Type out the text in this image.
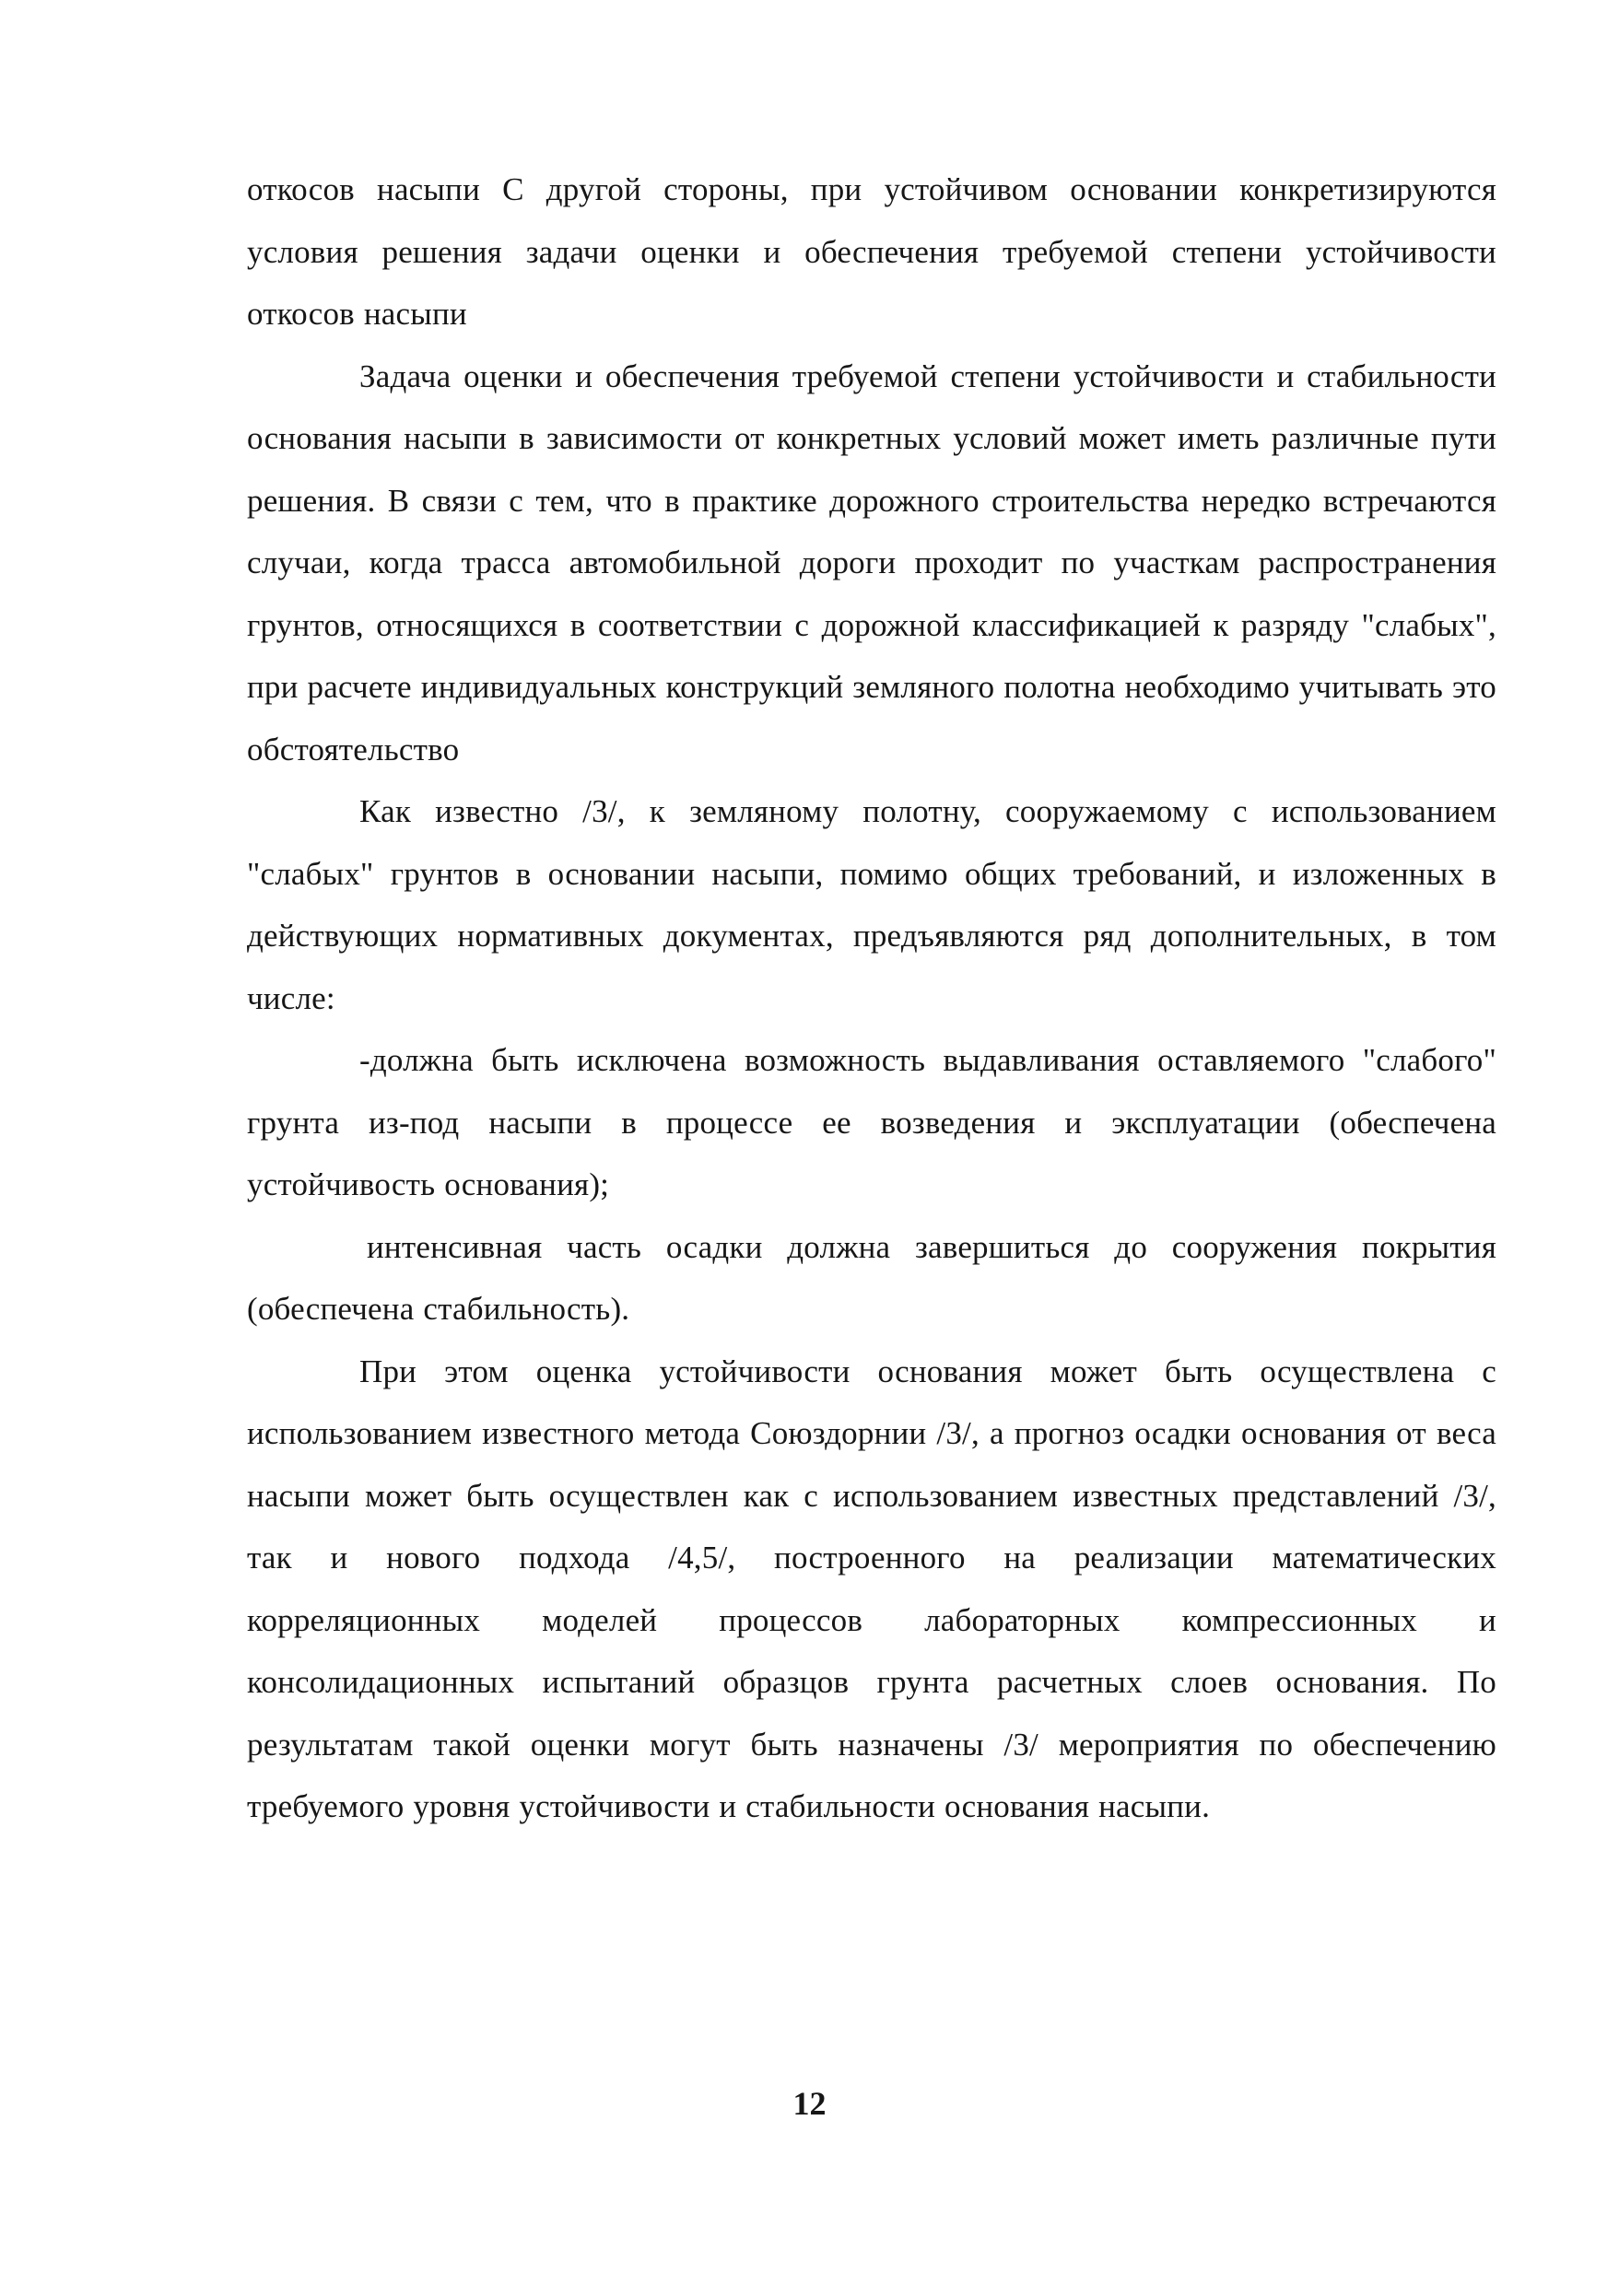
откосов насыпи С другой стороны, при устойчивом основании конкретизируются условия решения задачи оценки и обеспечения требуемой степени устойчивости откосов насыпи

Задача оценки и обеспечения требуемой степени устойчивости и стабильности основания насыпи в зависимости от конкретных условий может иметь различные пути решения. В связи с тем, что в практике дорожного строительства нередко встречаются случаи, когда трасса автомобильной дороги проходит по участкам распространения грунтов, относящихся в соответствии с дорожной классификацией к разряду "слабых", при расчете индивидуальных конструкций земляного полотна необходимо учитывать это обстоятельство

Как известно /3/, к земляному полотну, сооружаемому с использованием "слабых" грунтов в основании насыпи, помимо общих требований, и изложенных в действующих нормативных документах, предъявляются ряд дополнительных, в том числе:

-должна быть исключена возможность выдавливания оставляемого "слабого" грунта из-под насыпи в процессе ее возведения и эксплуатации (обеспечена устойчивость основания);

интенсивная часть осадки должна завершиться до сооружения покрытия (обеспечена стабильность).

При этом оценка устойчивости основания может быть осуществлена с использованием известного метода Союздорнии /3/, а прогноз осадки основания от веса насыпи может быть осуществлен как с использованием известных представлений /3/, так и нового подхода /4,5/, построенного на реализации математических корреляционных моделей процессов лабораторных компрессионных и консолидационных испытаний образцов грунта расчетных слоев основания. По результатам такой оценки могут быть назначены /3/ мероприятия по обеспечению требуемого уровня устойчивости и стабильности основания насыпи.

12
